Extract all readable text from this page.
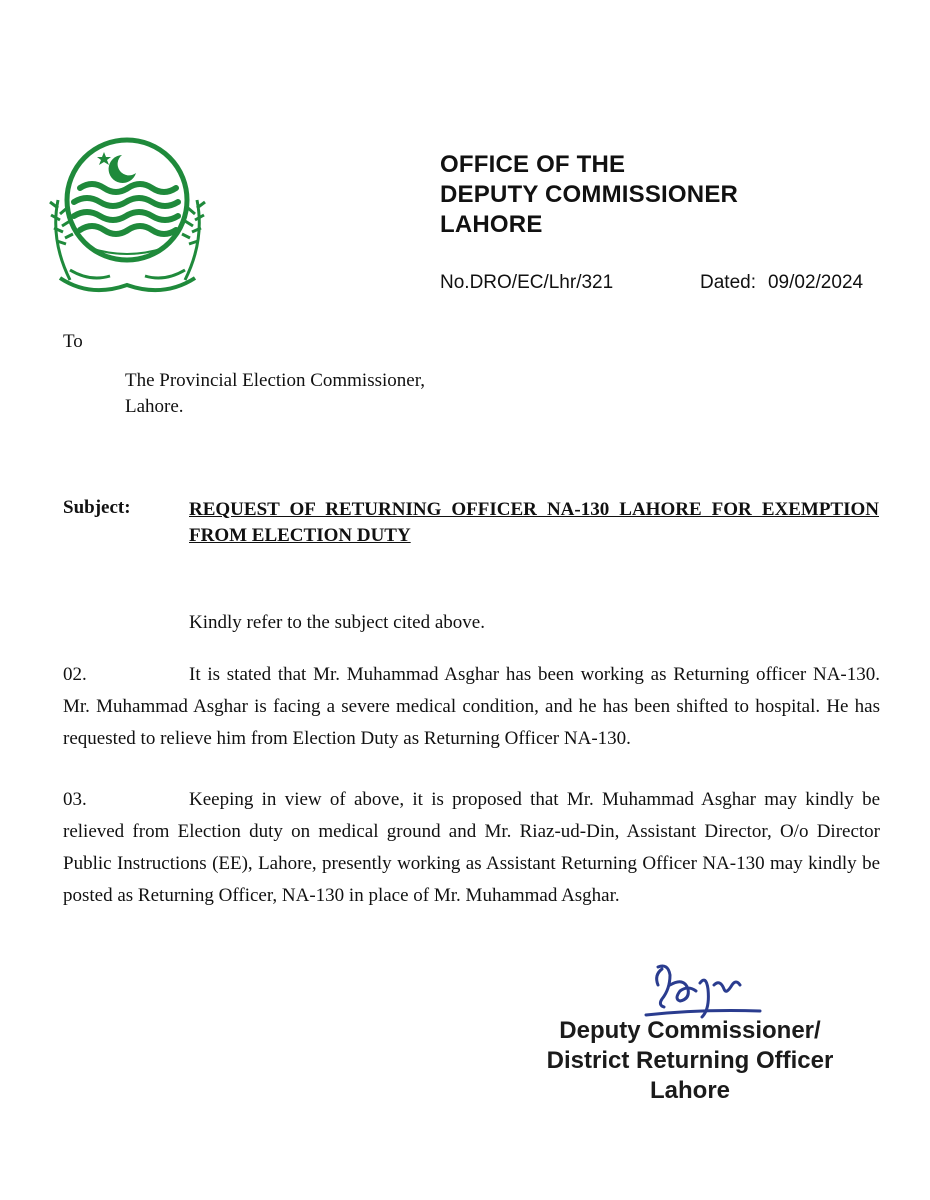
OFFICE OF THE
DEPUTY COMMISSIONER
LAHORE
No.DRO/EC/Lhr/321	Dated: 09/02/2024
To
The Provincial Election Commissioner,
Lahore.
Subject:	REQUEST OF RETURNING OFFICER NA-130 LAHORE FOR EXEMPTION FROM ELECTION DUTY
Kindly refer to the subject cited above.
02.	It is stated that Mr. Muhammad Asghar has been working as Returning officer NA-130. Mr. Muhammad Asghar is facing a severe medical condition, and he has been shifted to hospital. He has requested to relieve him from Election Duty as Returning Officer NA-130.
03.	Keeping in view of above, it is proposed that Mr. Muhammad Asghar may kindly be relieved from Election duty on medical ground and Mr. Riaz-ud-Din, Assistant Director, O/o Director Public Instructions (EE), Lahore, presently working as Assistant Returning Officer NA-130 may kindly be posted as Returning Officer, NA-130 in place of Mr. Muhammad Asghar.
Deputy Commissioner/
District Returning Officer
Lahore
